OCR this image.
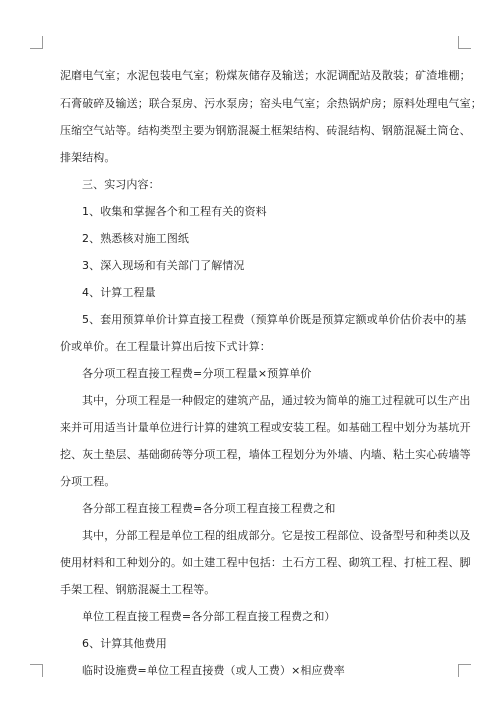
泥磨电气室；水泥包装电气室；粉煤灰储存及输送；水泥调配站及散装；矿渣堆棚；
石膏破碎及输送；联合泵房、污水泵房；窑头电气室；余热锅炉房；原料处理电气室；
压缩空气站等。结构类型主要为钢筋混凝土框架结构、砖混结构、钢筋混凝土筒仓、
排架结构。
三、实习内容：
1、收集和掌握各个和工程有关的资料
2、熟悉核对施工图纸
3、深入现场和有关部门了解情况
4、计算工程量
5、套用预算单价计算直接工程费（预算单价既是预算定额或单价估价表中的基
价或单价。在工程量计算出后按下式计算：
各分项工程直接工程费=分项工程量×预算单价
其中，分项工程是一种假定的建筑产品，通过较为简单的施工过程就可以生产出
来并可用适当计量单位进行计算的建筑工程或安装工程。如基础工程中划分为基坑开
挖、灰土垫层、基础砌砖等分项工程，墙体工程划分为外墙、内墙、粘土实心砖墙等
分项工程。
各分部工程直接工程费=各分项工程直接工程费之和
其中，分部工程是单位工程的组成部分。它是按工程部位、设备型号和种类以及
使用材料和工种划分的。如土建工程中包括：土石方工程、砌筑工程、打桩工程、脚
手架工程、钢筋混凝土工程等。
单位工程直接工程费=各分部工程直接工程费之和）
6、计算其他费用
临时设施费=单位工程直接费（或人工费）×相应费率
